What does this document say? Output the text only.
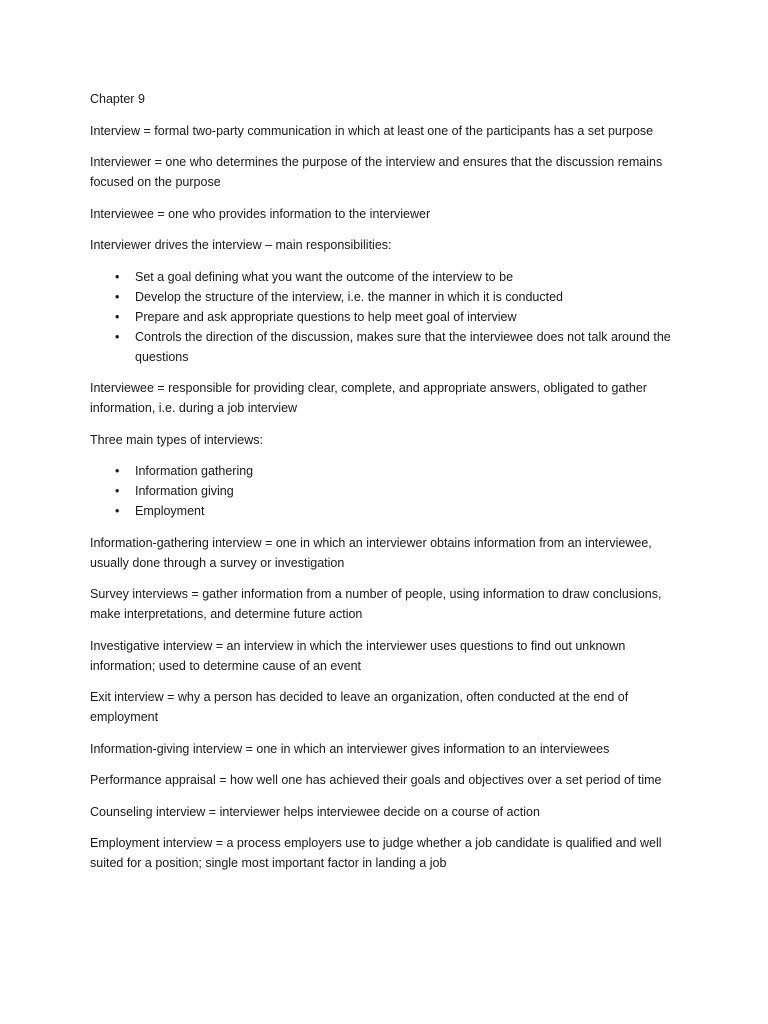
Chapter 9

Interview = formal two-party communication in which at least one of the participants has a set purpose

Interviewer = one who determines the purpose of the interview and ensures that the discussion remains focused on the purpose

Interviewee = one who provides information to the interviewer

Interviewer drives the interview – main responsibilities:

• Set a goal defining what you want the outcome of the interview to be
• Develop the structure of the interview, i.e. the manner in which it is conducted
• Prepare and ask appropriate questions to help meet goal of interview
• Controls the direction of the discussion, makes sure that the interviewee does not talk around the questions

Interviewee = responsible for providing clear, complete, and appropriate answers, obligated to gather information, i.e. during a job interview

Three main types of interviews:

• Information gathering
• Information giving
• Employment

Information-gathering interview = one in which an interviewer obtains information from an interviewee, usually done through a survey or investigation

Survey interviews = gather information from a number of people, using information to draw conclusions, make interpretations, and determine future action

Investigative interview = an interview in which the interviewer uses questions to find out unknown information; used to determine cause of an event

Exit interview = why a person has decided to leave an organization, often conducted at the end of employment

Information-giving interview = one in which an interviewer gives information to an interviewees

Performance appraisal = how well one has achieved their goals and objectives over a set period of time

Counseling interview = interviewer helps interviewee decide on a course of action

Employment interview = a process employers use to judge whether a job candidate is qualified and well suited for a position; single most important factor in landing a job
